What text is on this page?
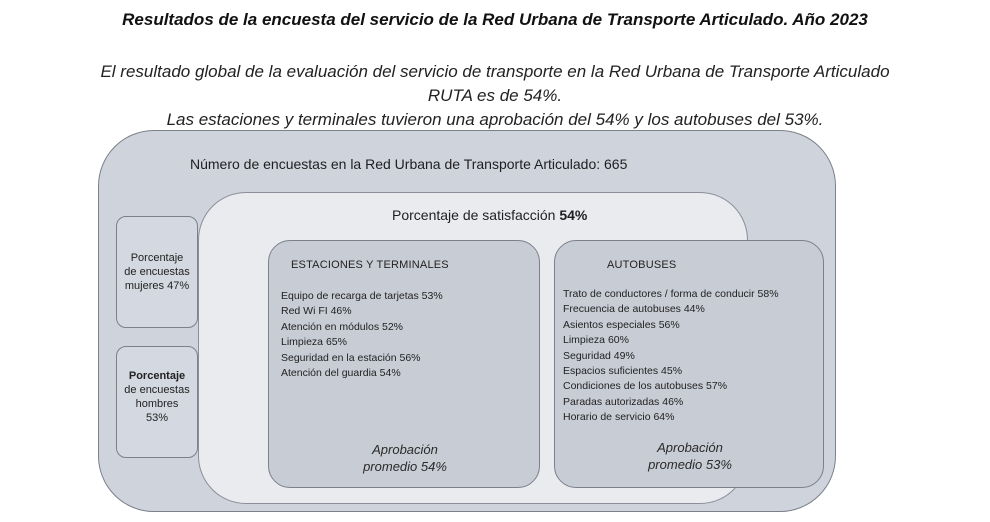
Resultados de la encuesta del servicio de la Red Urbana de Transporte Articulado. Año 2023
El resultado global de la evaluación del servicio de transporte en la Red Urbana de Transporte Articulado
RUTA es de 54%.
Las estaciones y terminales tuvieron una aprobación del 54% y los autobuses del 53%.
Número de encuestas en la Red Urbana de Transporte Articulado: 665
Porcentaje de satisfacción 54%
Porcentaje
de encuestas
mujeres 47%
Porcentaje
de encuestas
hombres
53%
ESTACIONES Y TERMINALES
Equipo de recarga de tarjetas 53%
Red Wi FI 46%
Atención en módulos 52%
Limpieza 65%
Seguridad en la estación 56%
Atención del guardia 54%
Aprobación
promedio 54%
AUTOBUSES
Trato de conductores / forma de conducir 58%
Frecuencia de autobuses 44%
Asientos especiales 56%
Limpieza 60%
Seguridad 49%
Espacios suficientes 45%
Condiciones de los autobuses 57%
Paradas autorizadas 46%
Horario de servicio 64%
Aprobación
promedio 53%
